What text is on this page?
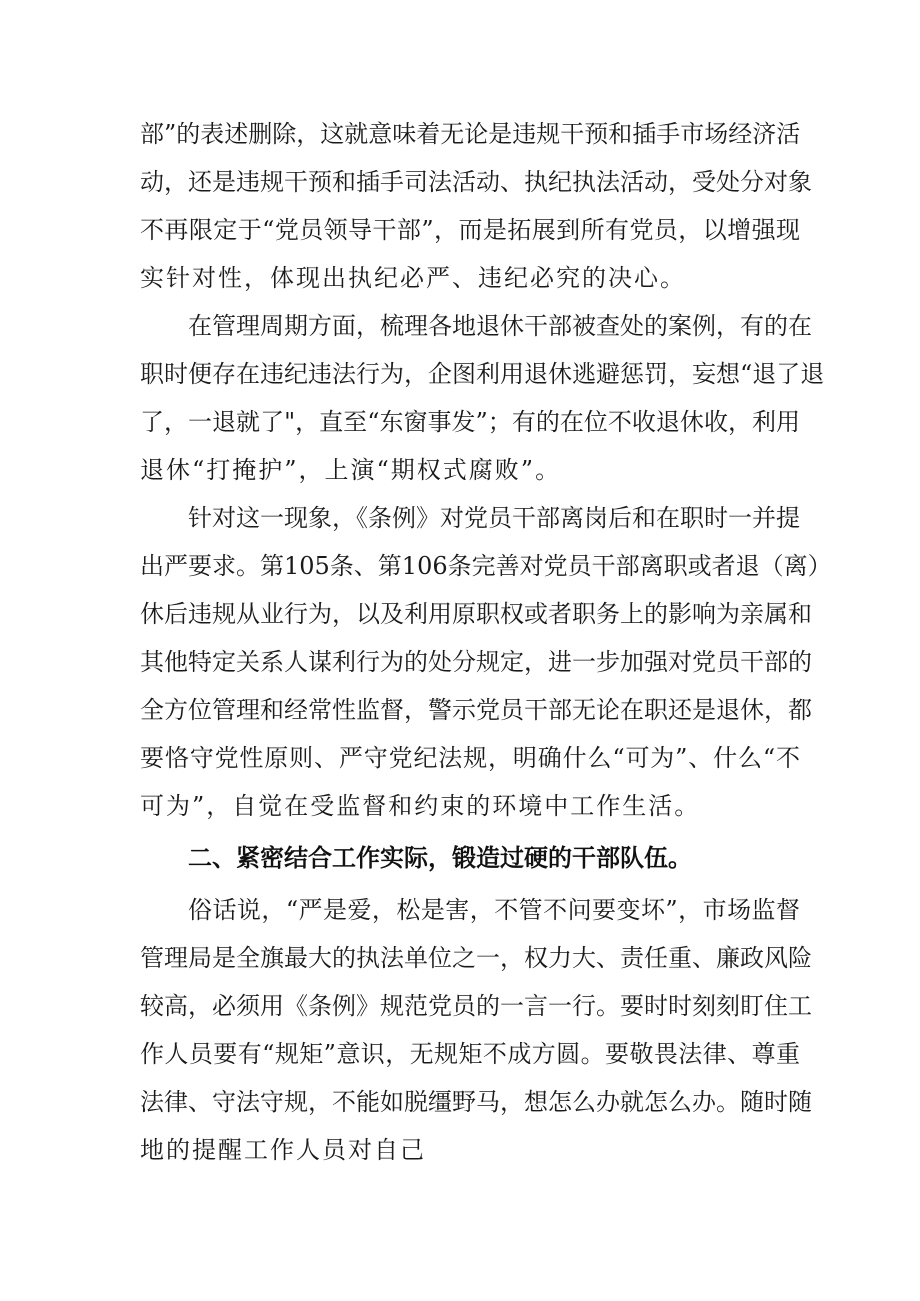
部”的表述删除，这就意味着无论是违规干预和插手市场经济活
动，还是违规干预和插手司法活动、执纪执法活动，受处分对象
不再限定于“党员领导干部”，而是拓展到所有党员，以增强现
实针对性，体现出执纪必严、违纪必究的决心。
在管理周期方面，梳理各地退休干部被查处的案例，有的在
职时便存在违纪违法行为，企图利用退休逃避惩罚，妄想“退了退
了，一退就了"，直至“东窗事发”；有的在位不收退休收，利用
退休“打掩护”，上演“期权式腐败”。
针对这一现象，《条例》对党员干部离岗后和在职时一并提
出严要求。第105条、第106条完善对党员干部离职或者退（离）
休后违规从业行为，以及利用原职权或者职务上的影响为亲属和
其他特定关系人谋利行为的处分规定，进一步加强对党员干部的
全方位管理和经常性监督，警示党员干部无论在职还是退休，都
要恪守党性原则、严守党纪法规，明确什么“可为”、什么“不
可为”，自觉在受监督和约束的环境中工作生活。
二、紧密结合工作实际，锻造过硬的干部队伍。
俗话说，“严是爱，松是害，不管不问要变坏”，市场监督
管理局是全旗最大的执法单位之一，权力大、责任重、廉政风险
较高，必须用《条例》规范党员的一言一行。要时时刻刻盯住工
作人员要有“规矩”意识，无规矩不成方圆。要敬畏法律、尊重
法律、守法守规，不能如脱缰野马，想怎么办就怎么办。随时随
地的提醒工作人员对自己
